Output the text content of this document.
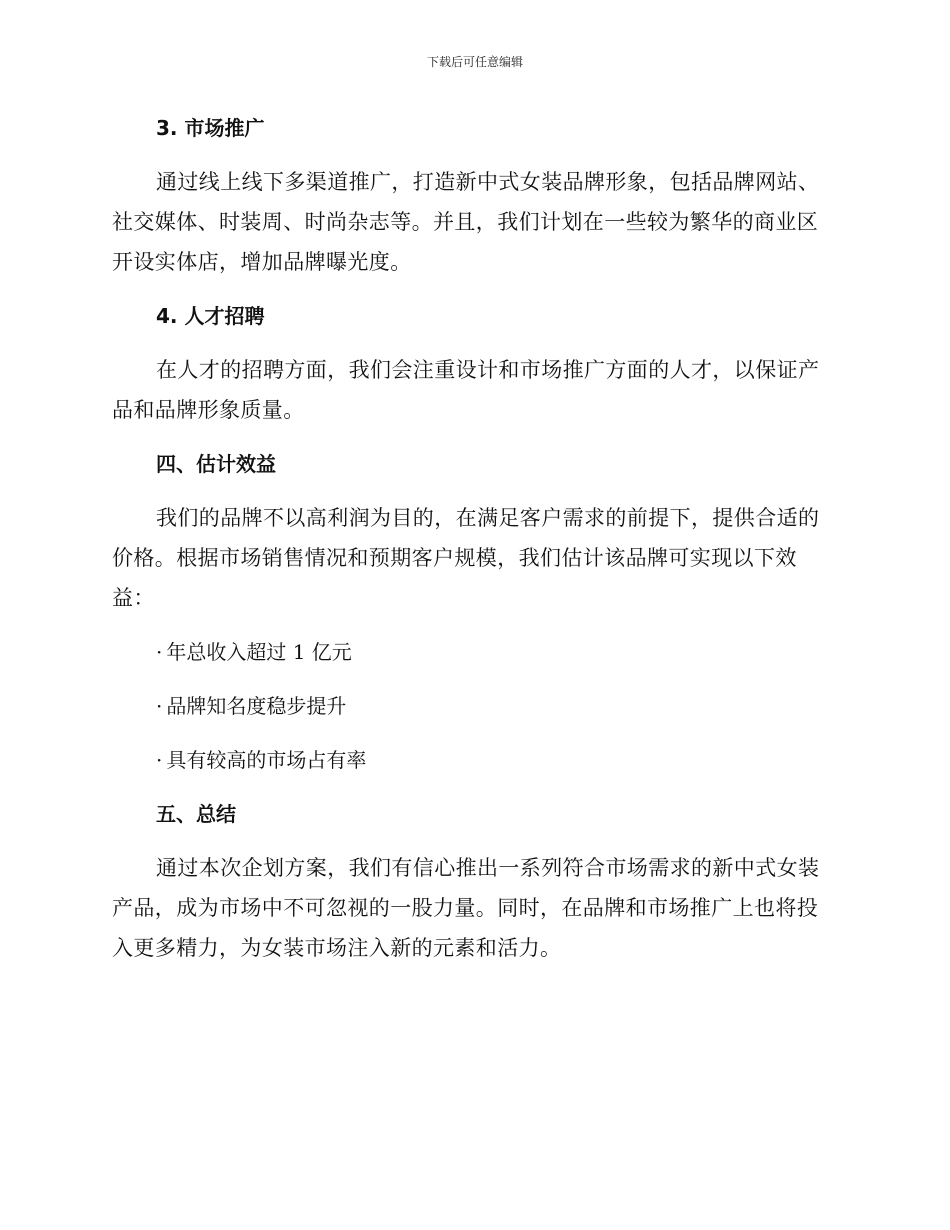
下载后可任意编辑
3. 市场推广

通过线上线下多渠道推广，打造新中式女装品牌形象，包括品牌网站、社交媒体、时装周、时尚杂志等。并且，我们计划在一些较为繁华的商业区开设实体店，增加品牌曝光度。

4. 人才招聘

在人才的招聘方面，我们会注重设计和市场推广方面的人才，以保证产品和品牌形象质量。

四、估计效益

我们的品牌不以高利润为目的，在满足客户需求的前提下，提供合适的价格。根据市场销售情况和预期客户规模，我们估计该品牌可实现以下效益：

· 年总收入超过 1 亿元
· 品牌知名度稳步提升
· 具有较高的市场占有率
五、总结

通过本次企划方案，我们有信心推出一系列符合市场需求的新中式女装产品，成为市场中不可忽视的一股力量。同时，在品牌和市场推广上也将投入更多精力，为女装市场注入新的元素和活力。
